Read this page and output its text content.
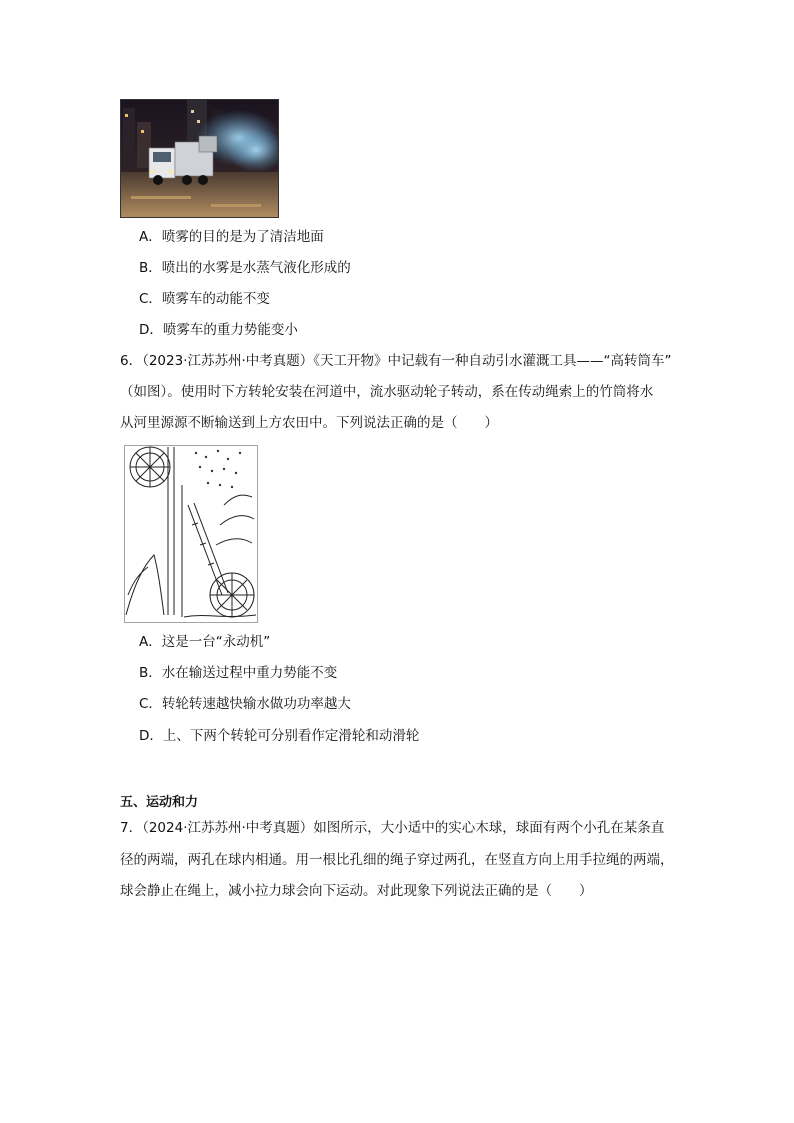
A．喷雾的目的是为了清洁地面
B．喷出的水雾是水蒸气液化形成的
C．喷雾车的动能不变
D．喷雾车的重力势能变小
6．（2023·江苏苏州·中考真题）《天工开物》中记载有一种自动引水灌溉工具——“高转筒车”
（如图）。使用时下方转轮安装在河道中，流水驱动轮子转动，系在传动绳索上的竹筒将水
从河里源源不断输送到上方农田中。下列说法正确的是（　　）
A．这是一台“永动机”
B．水在输送过程中重力势能不变
C．转轮转速越快输水做功功率越大
D．上、下两个转轮可分别看作定滑轮和动滑轮
五、运动和力
7．（2024·江苏苏州·中考真题）如图所示，大小适中的实心木球，球面有两个小孔在某条直
径的两端，两孔在球内相通。用一根比孔细的绳子穿过两孔，在竖直方向上用手拉绳的两端，
球会静止在绳上，减小拉力球会向下运动。对此现象下列说法正确的是（　　）
